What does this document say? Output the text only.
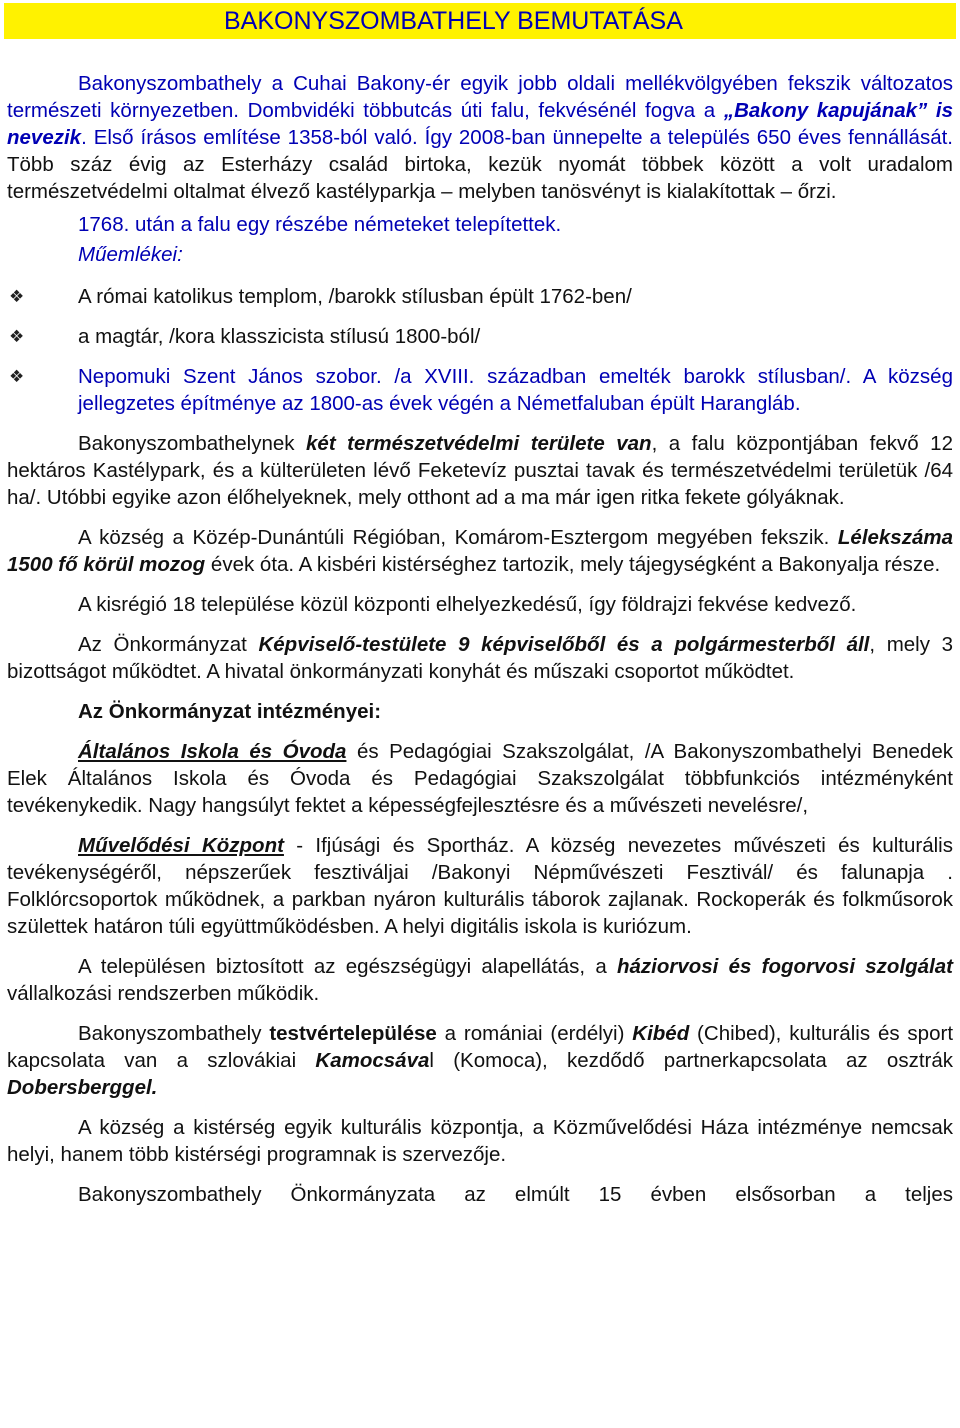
BAKONYSZOMBATHELY BEMUTATÁSA

Bakonyszombathely a Cuhai Bakony-ér egyik jobb oldali mellékvölgyében fekszik változatos természeti környezetben. Dombvidéki többutcás úti falu, fekvésénél fogva a „Bakony kapujának” is nevezik. Első írásos említése 1358-ból való. Így 2008-ban ünnepelte a település 650 éves fennállását. Több száz évig az Esterházy család birtoka, kezük nyomát többek között a volt uradalom természetvédelmi oltalmat élvező kastélyparkja – melyben tanösvényt is kialakítottak – őrzi.

1768. után a falu egy részébe németeket telepítettek.

Műemlékei:

❖	A római katolikus templom, /barokk stílusban épült 1762-ben/
❖	a magtár, /kora klasszicista stílusú 1800-ból/
❖	Nepomuki Szent János szobor. /a XVIII. században emelték barokk stílusban/. A község jellegzetes építménye az 1800-as évek végén a Németfaluban épült Harangláb.

Bakonyszombathelynek két természetvédelmi területe van, a falu központjában fekvő 12 hektáros Kastélypark, és a külterületen lévő Feketevíz pusztai tavak és természetvédelmi területük /64 ha/. Utóbbi egyike azon élőhelyeknek, mely otthont ad a ma már igen ritka fekete gólyáknak.

A község a Közép-Dunántúli Régióban, Komárom-Esztergom megyében fekszik. Lélekszáma 1500 fő körül mozog évek óta. A kisbéri kistérséghez tartozik, mely tájegységként a Bakonyalja része.

A kisrégió 18 települése közül központi elhelyezkedésű, így földrajzi fekvése kedvező.

Az Önkormányzat Képviselő-testülete 9 képviselőből és a polgármesterből áll, mely 3 bizottságot működtet. A hivatal önkormányzati konyhát és műszaki csoportot működtet.

Az Önkormányzat intézményei:

Általános Iskola és Óvoda és Pedagógiai Szakszolgálat, /A Bakonyszombathelyi Benedek Elek Általános Iskola és Óvoda és Pedagógiai Szakszolgálat többfunkciós intézményként tevékenykedik. Nagy hangsúlyt fektet a képességfejlesztésre és a művészeti nevelésre/,

Művelődési Központ - Ifjúsági és Sportház. A község nevezetes művészeti és kulturális tevékenységéről, népszerűek fesztiváljai /Bakonyi Népművészeti Fesztivál/ és falunapja . Folklórcsoportok működnek, a parkban nyáron kulturális táborok zajlanak. Rockoperák és folkműsorok születtek határon túli együttműködésben. A helyi digitális iskola is kuriózum.

A településen biztosított az egészségügyi alapellátás, a háziorvosi és fogorvosi szolgálat vállalkozási rendszerben működik.

Bakonyszombathely testvértelepülése a romániai (erdélyi) Kibéd (Chibed), kulturális és sport kapcsolata van a szlovákiai Kamocsával (Komoca), kezdődő partnerkapcsolata az osztrák Dobersberggel.

A község a kistérség egyik kulturális központja, a Közművelődési Háza intézménye nemcsak helyi, hanem több kistérségi programnak is szervezője.

Bakonyszombathely Önkormányzata az elmúlt 15 évben elsősorban a teljes
